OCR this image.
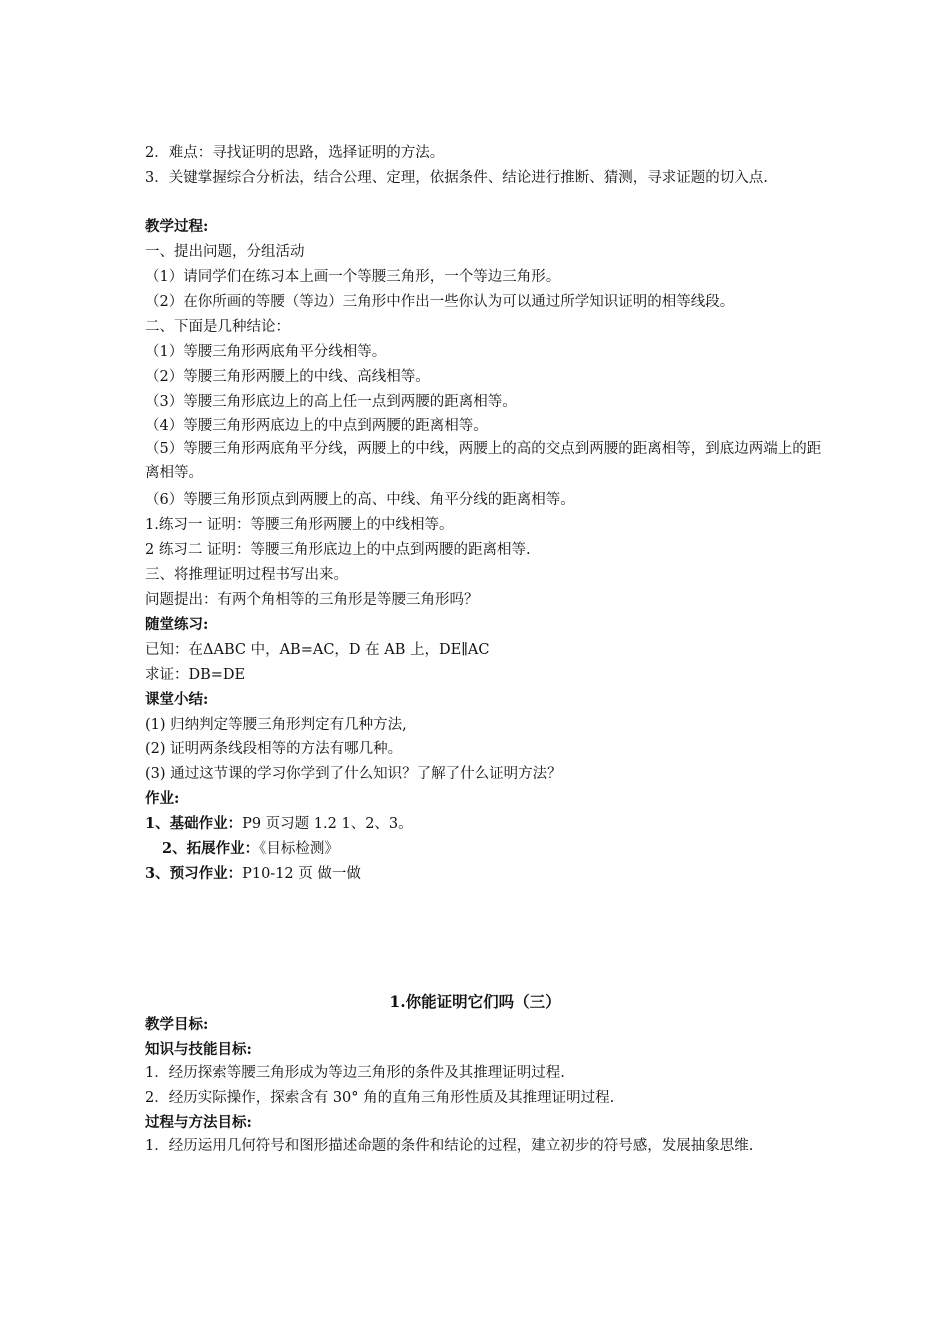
2．难点：寻找证明的思路，选择证明的方法。
3．关键掌握综合分析法，结合公理、定理，依据条件、结论进行推断、猜测，寻求证题的切入点.
教学过程:
一、提出问题，分组活动
（1）请同学们在练习本上画一个等腰三角形，一个等边三角形。
（2）在你所画的等腰（等边）三角形中作出一些你认为可以通过所学知识证明的相等线段。
二、下面是几种结论：
（1）等腰三角形两底角平分线相等。
（2）等腰三角形两腰上的中线、高线相等。
（3）等腰三角形底边上的高上任一点到两腰的距离相等。
（4）等腰三角形两底边上的中点到两腰的距离相等。
（5）等腰三角形两底角平分线，两腰上的中线，两腰上的高的交点到两腰的距离相等，到底边两端上的距离相等。
（6）等腰三角形顶点到两腰上的高、中线、角平分线的距离相等。
1.练习一 证明：等腰三角形两腰上的中线相等。
2 练习二 证明：等腰三角形底边上的中点到两腰的距离相等.
三、将推理证明过程书写出来。
问题提出：有两个角相等的三角形是等腰三角形吗？
随堂练习:
已知：在ΔABC 中，AB=AC，D 在 AB 上，DE∥AC
求证：DB=DE
课堂小结:
(1) 归纳判定等腰三角形判定有几种方法,
(2) 证明两条线段相等的方法有哪几种。
(3) 通过这节课的学习你学到了什么知识？了解了什么证明方法？
作业:
1、基础作业：P9 页习题 1.2 1、2、3。
2、拓展作业：《目标检测》
3、预习作业：P10-12 页 做一做
1.你能证明它们吗（三）
教学目标:
知识与技能目标:
1．经历探索等腰三角形成为等边三角形的条件及其推理证明过程.
2．经历实际操作，探索含有 30° 角的直角三角形性质及其推理证明过程.
过程与方法目标:
1．经历运用几何符号和图形描述命题的条件和结论的过程，建立初步的符号感，发展抽象思维.
